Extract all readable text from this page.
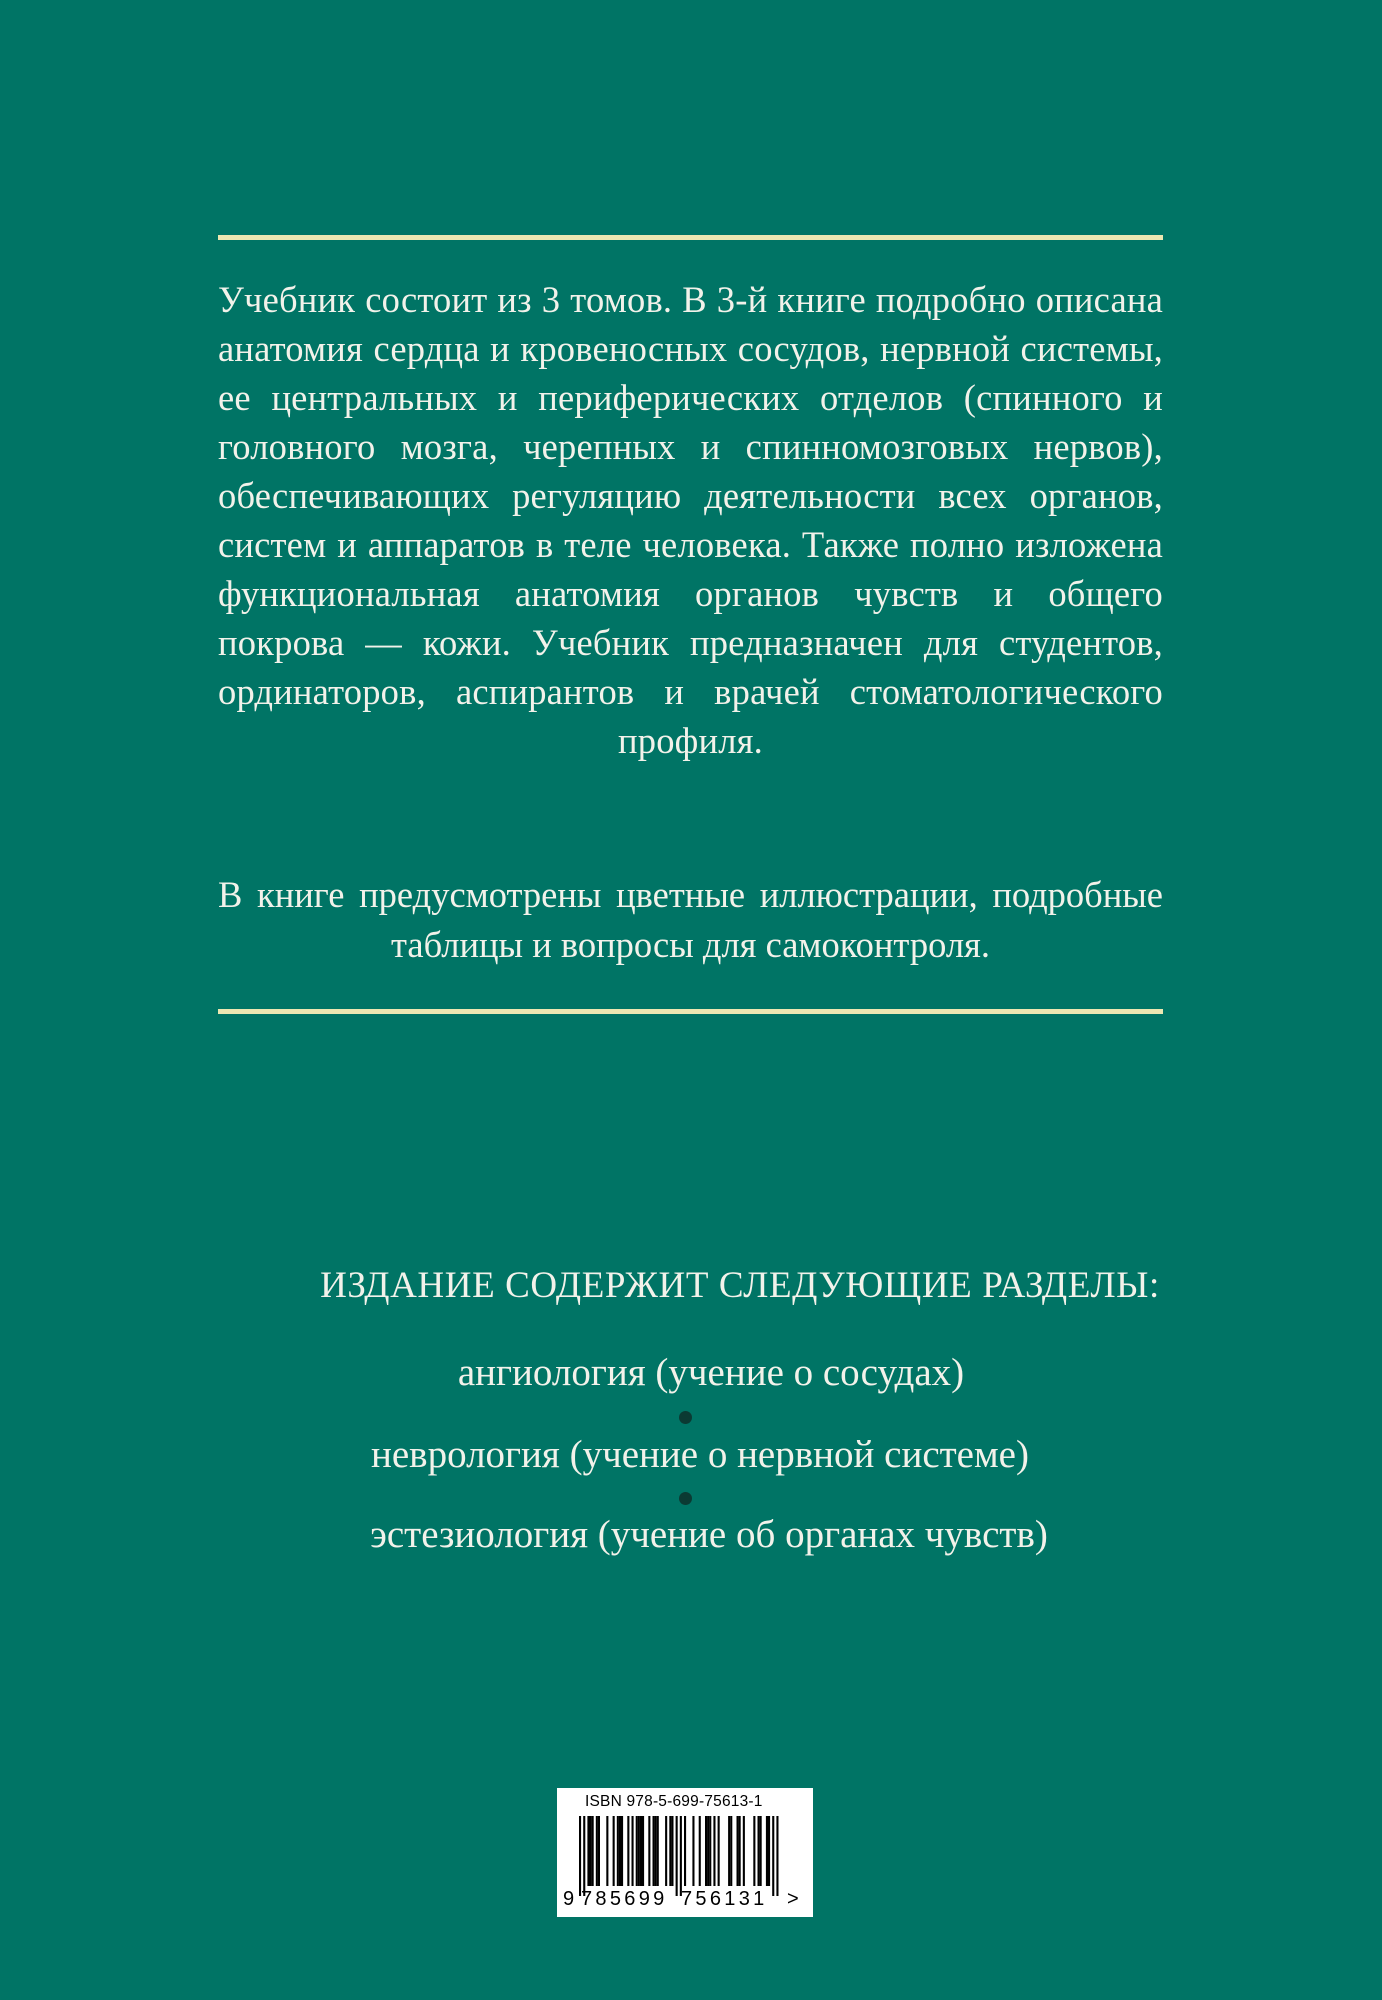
Учебник состоит из 3 томов. В 3-й книге подробно описана анатомия сердца и кровеносных сосудов, нервной системы, ее центральных и периферических отделов (спинного и головного мозга, черепных и спинномозговых нервов), обеспечивающих регуляцию деятельности всех органов, систем и аппаратов в теле человека. Также полно изложена функциональная анатомия органов чувств и общего покрова — кожи. Учебник предназначен для студентов, ординаторов, аспирантов и врачей стоматологического профиля.

В книге предусмотрены цветные иллюстрации, подробные таблицы и вопросы для самоконтроля.

ИЗДАНИЕ СОДЕРЖИТ СЛЕДУЮЩИЕ РАЗДЕЛЫ:
ангиология (учение о сосудах)
неврология (учение о нервной системе)
эстезиология (учение об органах чувств)
ISBN 978-5-699-75613-1
9 785699 756131 >
